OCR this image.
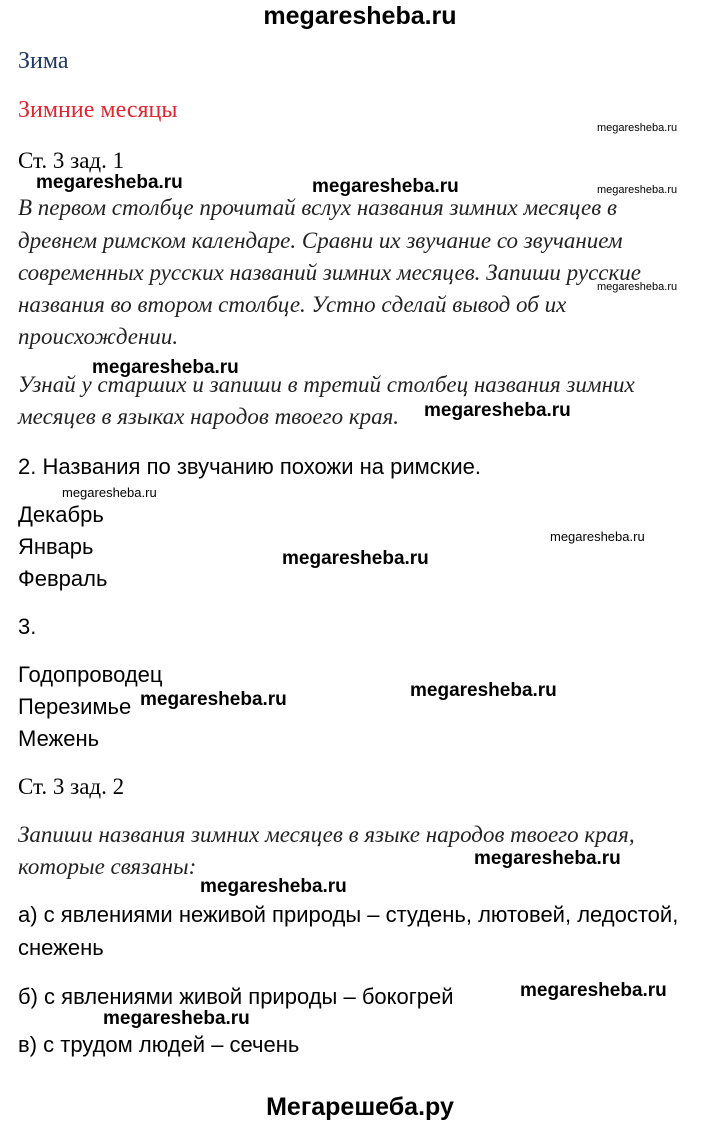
megaresheba.ru
Зима
Зимние месяцы
Ст. 3 зад. 1
В первом столбце прочитай вслух названия зимних месяцев в
древнем римском календаре. Сравни их звучание со звучанием
современных русских названий зимних месяцев. Запиши русские
названия во втором столбце. Устно сделай вывод об их
происхождении.
Узнай у старших и запиши в третий столбец названия зимних
месяцев в языках народов твоего края.
2. Названия по звучанию похожи на римские.
Декабрь
Январь
Февраль
3.
Годопроводец
Перезимье
Межень
Ст. 3 зад. 2
Запиши названия зимних месяцев в языке народов твоего края,
которые связаны:
а) с явлениями неживой природы – студень, лютовей, ледостой,
снежень
б) с явлениями живой природы – бокогрей
в) с трудом людей – сечень
megaresheba.ru
megaresheba.ru	megaresheba.ru	megaresheba.ru
megaresheba.ru
megaresheba.ru
megaresheba.ru
megaresheba.ru
megaresheba.ru
megaresheba.ru
megaresheba.ru
megaresheba.ru
megaresheba.ru
megaresheba.ru
megaresheba.ru
megaresheba.ru
Мегарешеба.ру
